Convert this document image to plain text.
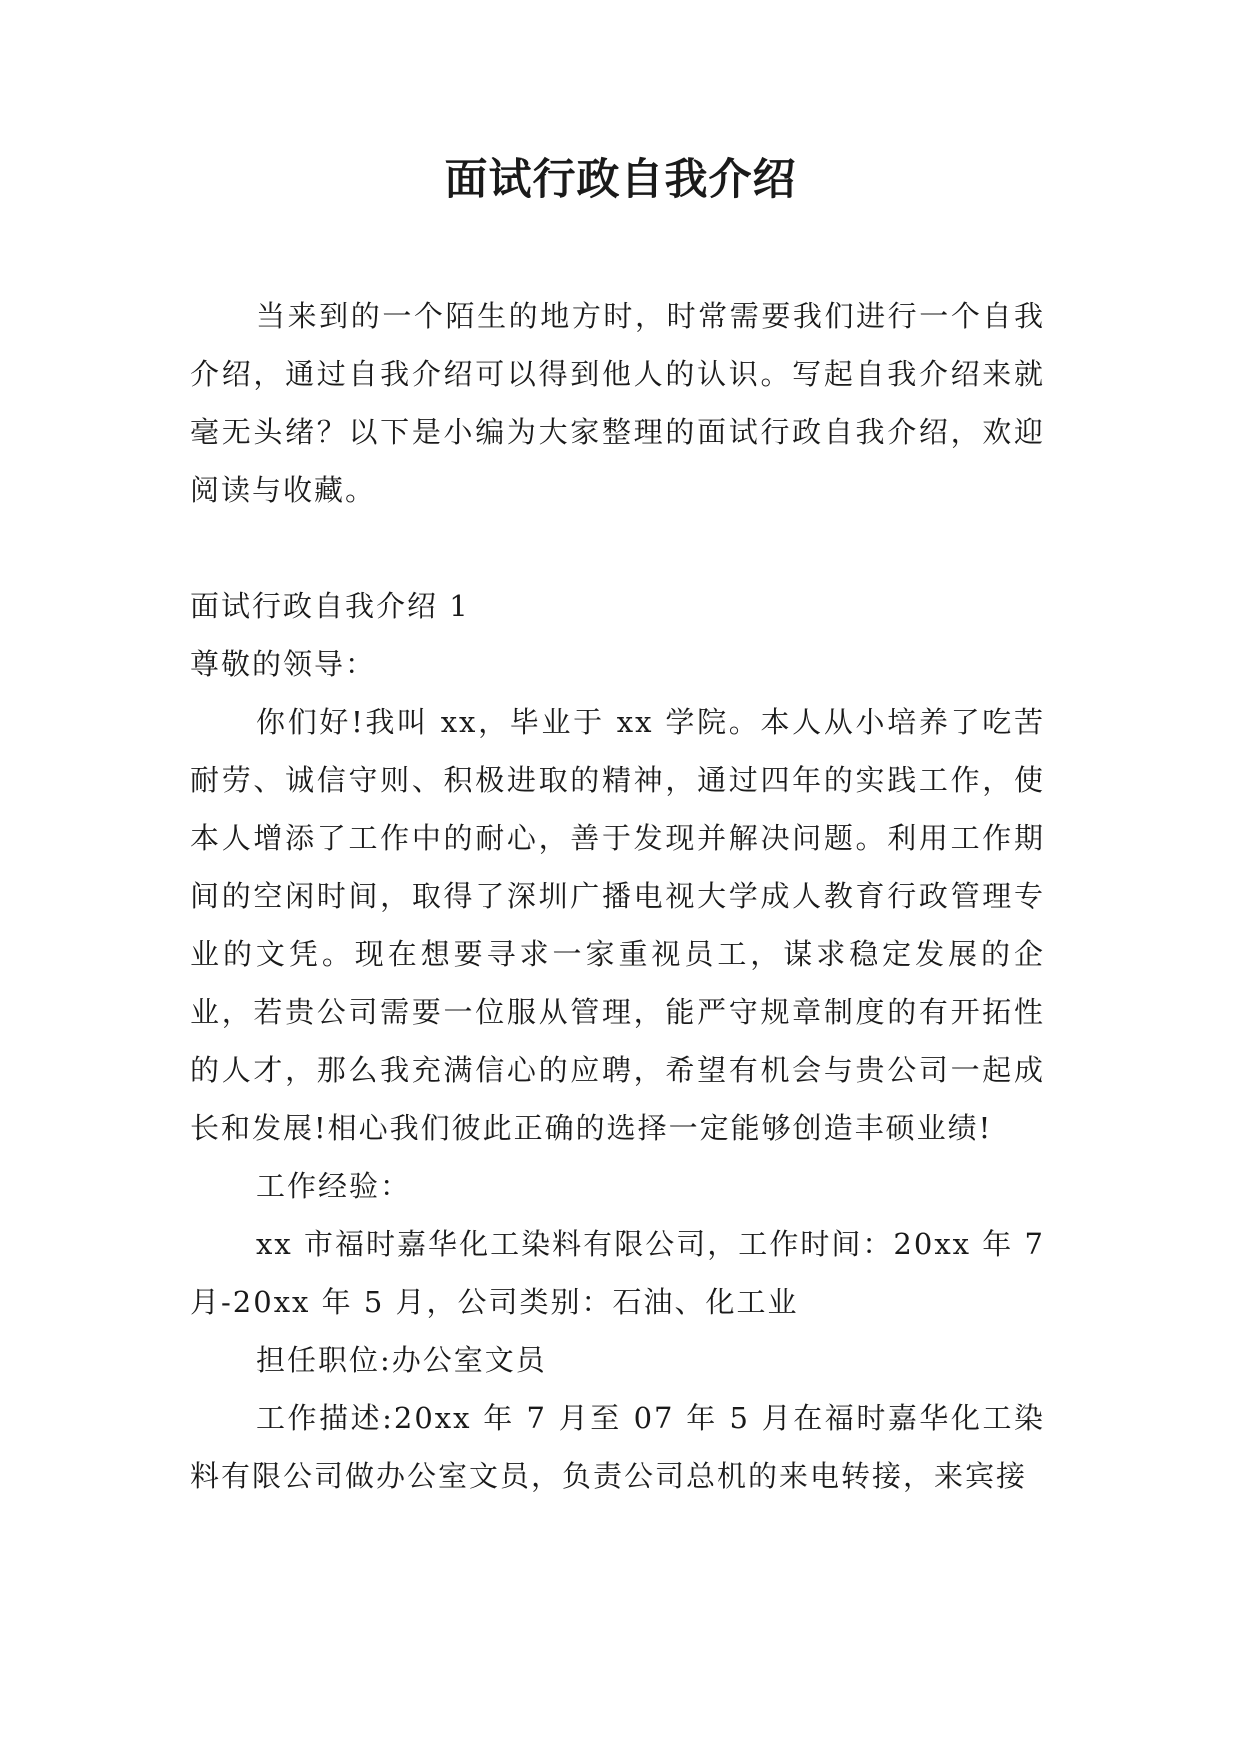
面试行政自我介绍

当来到的一个陌生的地方时，时常需要我们进行一个自我介绍，通过自我介绍可以得到他人的认识。写起自我介绍来就毫无头绪？以下是小编为大家整理的面试行政自我介绍，欢迎阅读与收藏。

面试行政自我介绍 1

尊敬的领导：

你们好!我叫 xx，毕业于 xx 学院。本人从小培养了吃苦耐劳、诚信守则、积极进取的精神，通过四年的实践工作，使本人增添了工作中的耐心，善于发现并解决问题。利用工作期间的空闲时间，取得了深圳广播电视大学成人教育行政管理专业的文凭。现在想要寻求一家重视员工，谋求稳定发展的企业，若贵公司需要一位服从管理，能严守规章制度的有开拓性的人才，那么我充满信心的应聘，希望有机会与贵公司一起成长和发展!相心我们彼此正确的选择一定能够创造丰硕业绩!

工作经验：

xx 市福时嘉华化工染料有限公司，工作时间：20xx 年 7 月-20xx 年 5 月，公司类别：石油、化工业

担任职位:办公室文员

工作描述:20xx 年 7 月至 07 年 5 月在福时嘉华化工染料有限公司做办公室文员，负责公司总机的来电转接，来宾接
